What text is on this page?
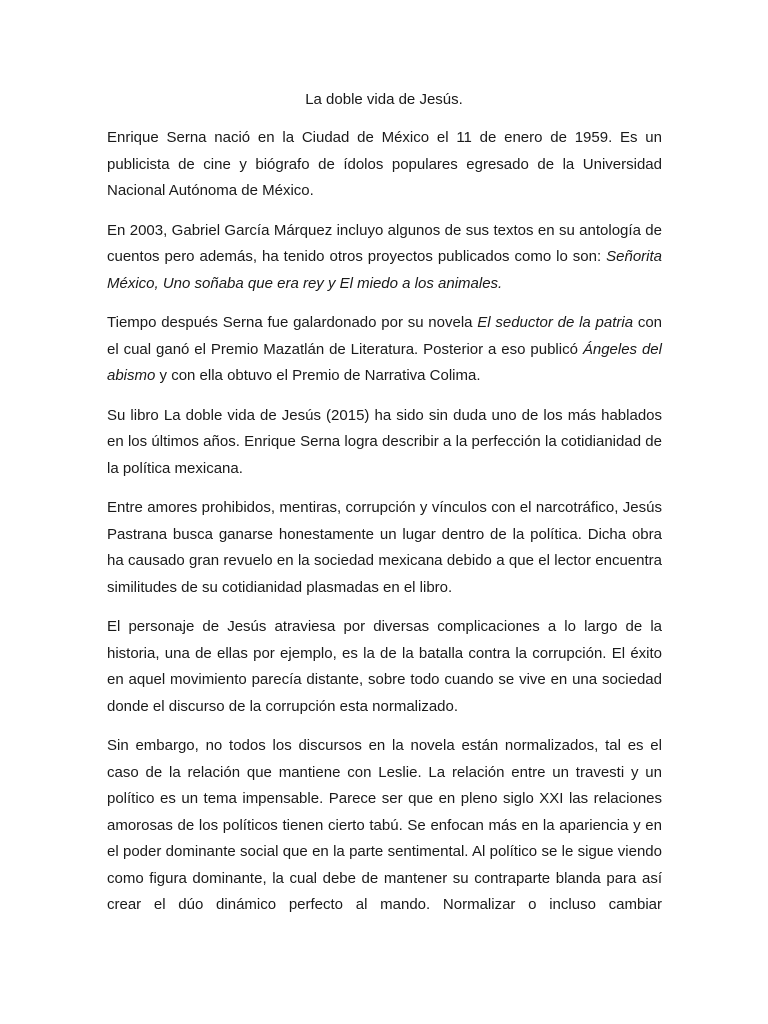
La doble vida de Jesús.

Enrique Serna nació en la Ciudad de México el 11 de enero de 1959. Es un publicista de cine y biógrafo de ídolos populares egresado de la Universidad Nacional Autónoma de México.

En 2003, Gabriel García Márquez incluyo algunos de sus textos en su antología de cuentos pero además, ha tenido otros proyectos publicados como lo son: Señorita México, Uno soñaba que era rey y El miedo a los animales.

Tiempo después Serna fue galardonado por su novela El seductor de la patria con el cual ganó el Premio Mazatlán de Literatura. Posterior a eso publicó Ángeles del abismo y con ella obtuvo el Premio de Narrativa Colima.

Su libro La doble vida de Jesús (2015) ha sido sin duda uno de los más hablados en los últimos años. Enrique Serna logra describir a la perfección la cotidianidad de la política mexicana.

Entre amores prohibidos, mentiras, corrupción y vínculos con el narcotráfico, Jesús Pastrana busca ganarse honestamente un lugar dentro de la política. Dicha obra ha causado gran revuelo en la sociedad mexicana debido a que el lector encuentra similitudes de su cotidianidad plasmadas en el libro.

El personaje de Jesús atraviesa por diversas complicaciones a lo largo de la historia, una de ellas por ejemplo, es la de la batalla contra la corrupción. El éxito en aquel movimiento parecía distante, sobre todo cuando se vive en una sociedad donde el discurso de la corrupción esta normalizado.

Sin embargo, no todos los discursos en la novela están normalizados, tal es el caso de la relación que mantiene con Leslie. La relación entre un travesti y un político es un tema impensable. Parece ser que en pleno siglo XXI las relaciones amorosas de los políticos tienen cierto tabú. Se enfocan más en la apariencia y en el poder dominante social que en la parte sentimental. Al político se le sigue viendo como figura dominante, la cual debe de mantener su contraparte blanda para así crear el dúo dinámico perfecto al mando. Normalizar o incluso cambiar
